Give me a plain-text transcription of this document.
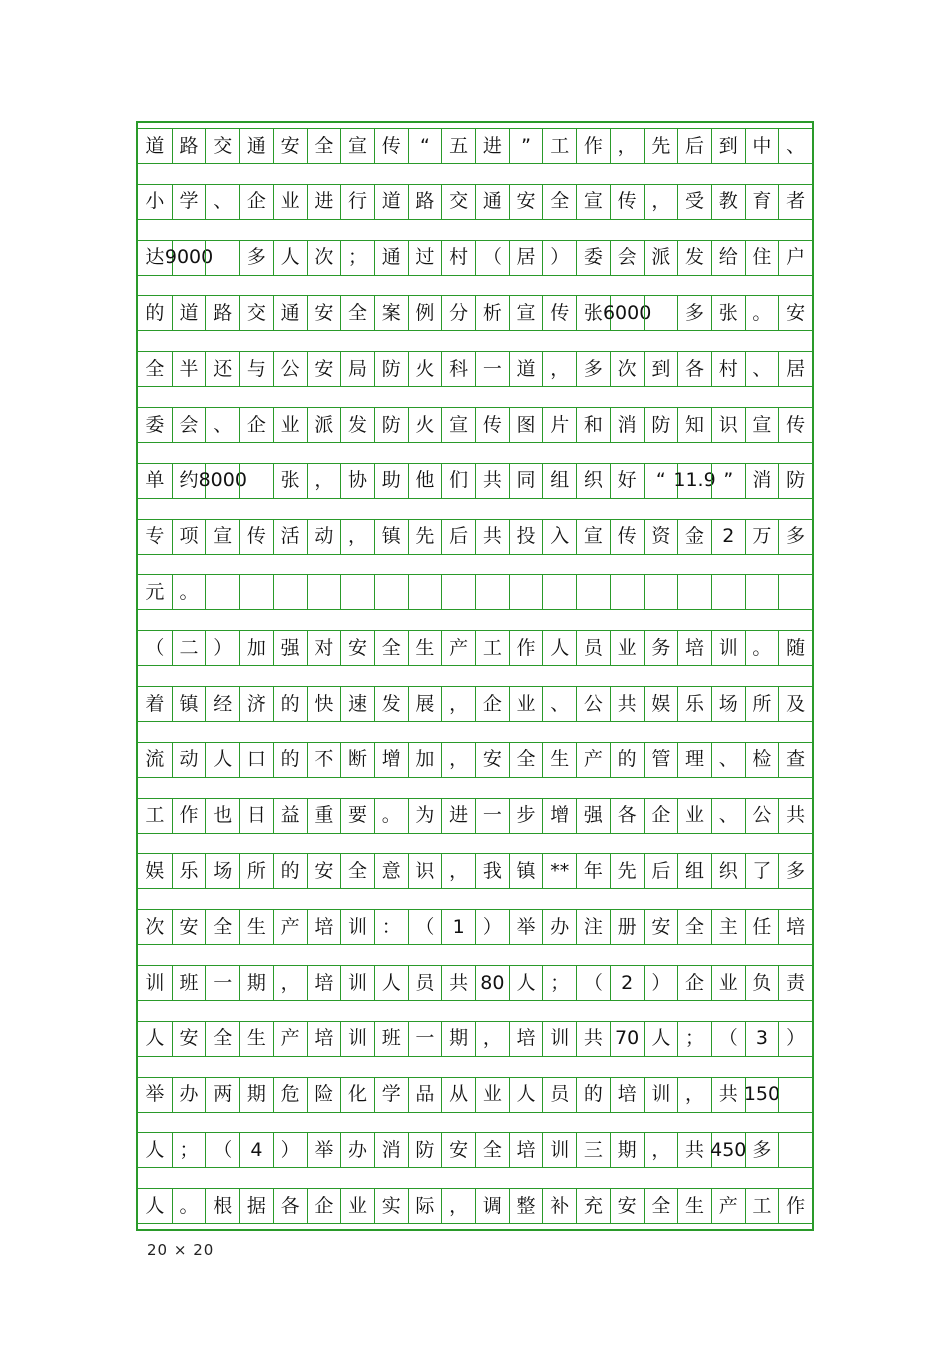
道 路 交 通 安 全 宣 传	“	五 进	”	工 作 ， 先 后 到 中 、
小 学 、 企 业 进 行 道 路 交 通 安 全 宣 传 ， 受 教 育 者
达 9000	多 人 次 ； 通 过 村 （ 居 ） 委 会 派 发 给 住 户
的 道 路 交 通 安 全 案 例 分 析 宣 传 张 6000	多 张 。 安
全 半 还 与 公 安 局 防 火 科 一 道 ， 多 次 到 各 村 、 居
委 会 、 企 业 派 发 防 火 宣 传 图 片 和 消 防 知 识 宣 传
单 约 8000	张 ， 协 助 他 们 共 同 组 织 好	“ 11.9 ”	消 防
专 项 宣 传 活 动 ， 镇 先 后 共 投 入 宣 传 资 金 2 万 多
元 。
（ 二 ） 加 强 对 安 全 生 产 工 作 人 员 业 务 培 训 。 随
着 镇 经 济 的 快 速 发 展 ， 企 业 、 公 共 娱 乐 场 所 及
流 动 人 口 的 不 断 增 加 ， 安 全 生 产 的 管 理 、 检 查
工 作 也 日 益 重 要 。 为 进 一 步 增 强 各 企 业 、 公 共
娱 乐 场 所 的 安 全 意 识 ， 我 镇 ** 年 先 后 组 织 了 多
次 安 全 生 产 培 训 ： （ 1 ） 举 办 注 册 安 全 主 任 培
训 班 一 期 ， 培 训 人 员 共 80 人 ； （ 2 ） 企 业 负 责
人 安 全 生 产 培 训 班 一 期 ， 培 训 共 70 人 ； （ 3 ）
举 办 两 期 危 险 化 学 品 从 业 人 员 的 培 训 ， 共 150
人 ； （ 4 ） 举 办 消 防 安 全 培 训 三 期 ， 共 450 多
人 。 根 据 各 企 业 实 际 ， 调 整 补 充 安 全 生 产 工 作
20 × 20
